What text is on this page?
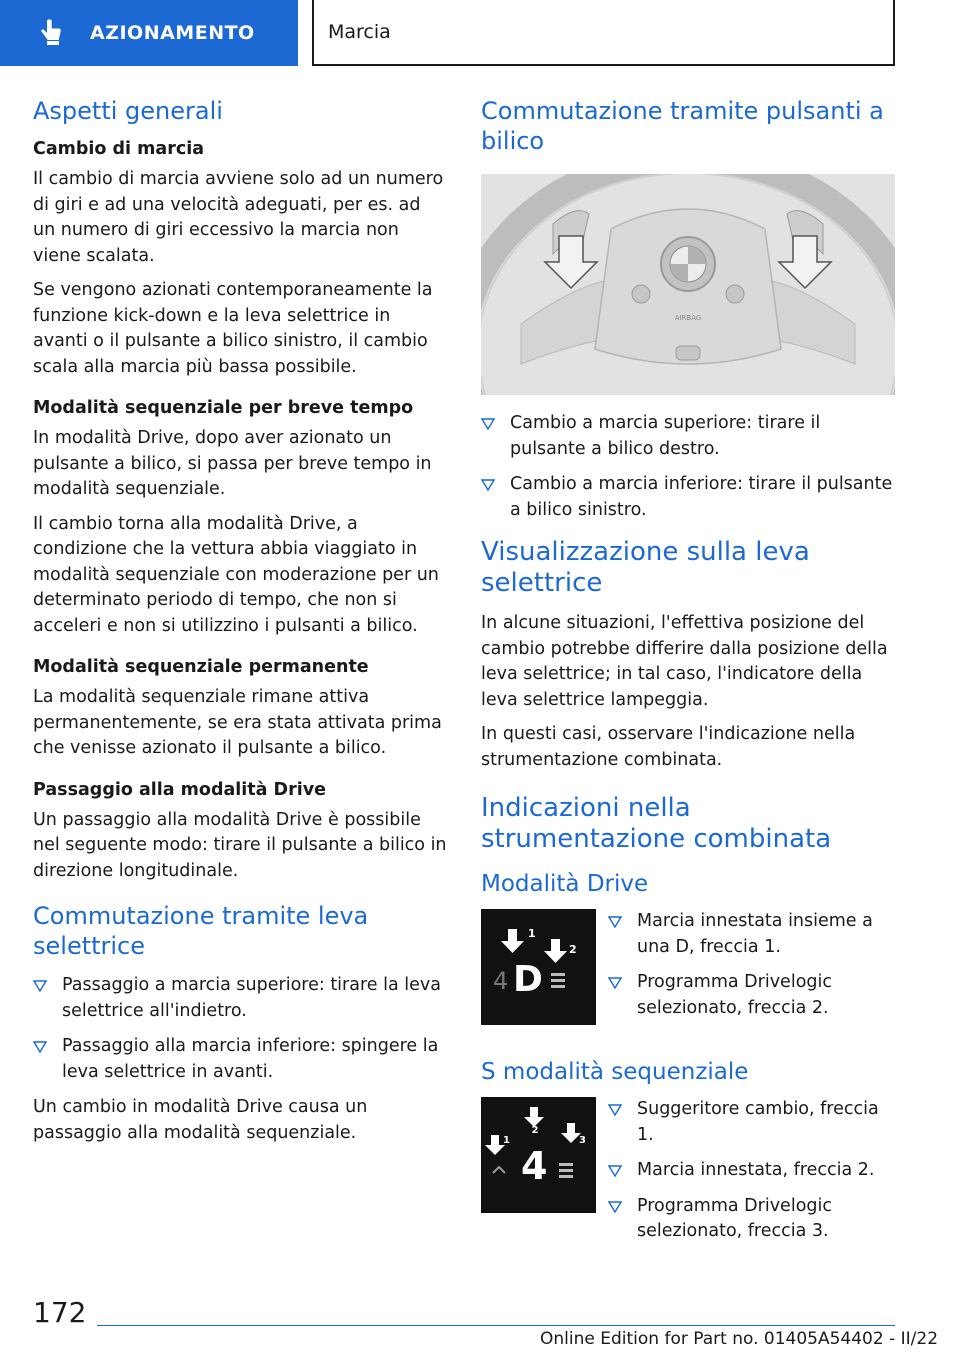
AZIONAMENTO	Marcia
Aspetti generali
Cambio di marcia

Il cambio di marcia avviene solo ad un numero di giri e ad una velocità adeguati, per es. ad un numero di giri eccessivo la marcia non viene scalata.

Se vengono azionati contemporaneamente la funzione kick-down e la leva selettrice in avanti o il pulsante a bilico sinistro, il cambio scala alla marcia più bassa possibile.

Modalità sequenziale per breve tempo

In modalità Drive, dopo aver azionato un pulsante a bilico, si passa per breve tempo in modalità sequenziale.

Il cambio torna alla modalità Drive, a condizione che la vettura abbia viaggiato in modalità sequenziale con moderazione per un determinato periodo di tempo, che non si acceleri e non si utilizzino i pulsanti a bilico.

Modalità sequenziale permanente

La modalità sequenziale rimane attiva permanentemente, se era stata attivata prima che venisse azionato il pulsante a bilico.

Passaggio alla modalità Drive

Un passaggio alla modalità Drive è possibile nel seguente modo: tirare il pulsante a bilico in direzione longitudinale.

Commutazione tramite leva selettrice
Passaggio a marcia superiore: tirare la leva selettrice all'indietro.
Passaggio alla marcia inferiore: spingere la leva selettrice in avanti.

Un cambio in modalità Drive causa un passaggio alla modalità sequenziale.

Commutazione tramite pulsanti a bilico
AIRBAG
Cambio a marcia superiore: tirare il pulsante a bilico destro.
Cambio a marcia inferiore: tirare il pulsante a bilico sinistro.
Visualizzazione sulla leva selettrice

In alcune situazioni, l'effettiva posizione del cambio potrebbe differire dalla posizione della leva selettrice; in tal caso, l'indicatore della leva selettrice lampeggia.

In questi casi, osservare l'indicazione nella strumentazione combinata.

Indicazioni nella strumentazione combinata
Modalità Drive
1
2
4 D
Marcia innestata insieme a una D, freccia 1.
Programma Drivelogic selezionato, freccia 2.
S modalità sequenziale
1
2
3
4
Suggeritore cambio, freccia 1.
Marcia innestata, freccia 2.
Programma Drivelogic selezionato, freccia 3.
172
Online Edition for Part no. 01405A54402 - II/22
